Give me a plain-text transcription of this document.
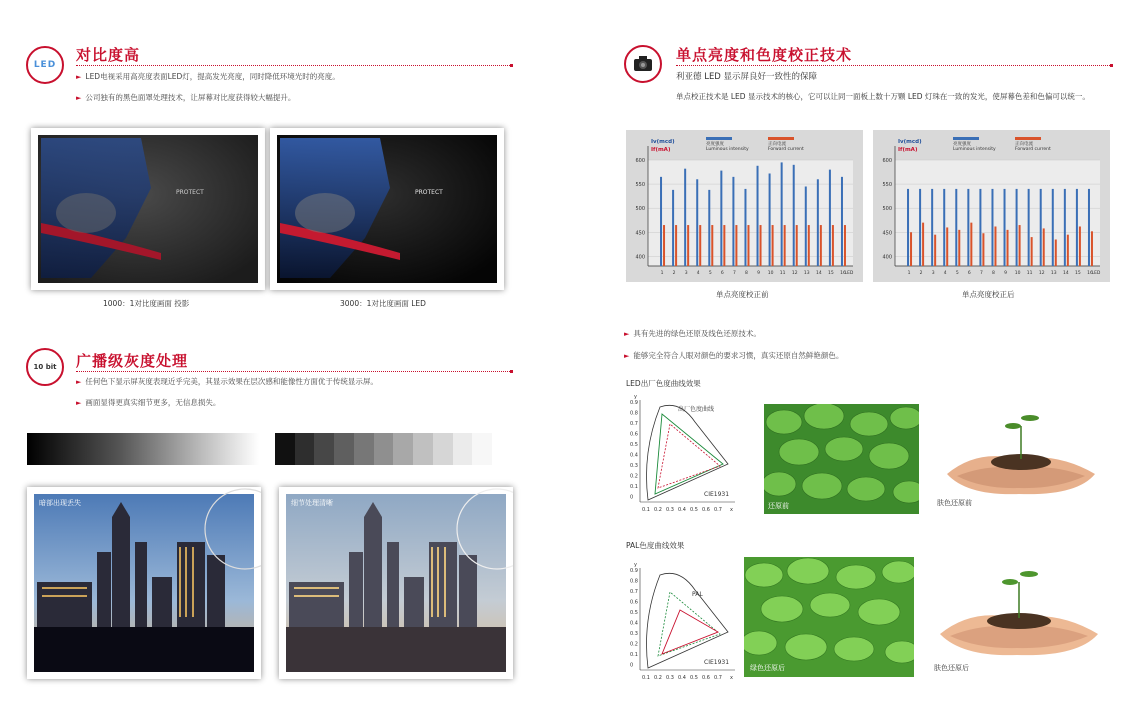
LED
对比度高
► LED电视采用高亮度表面LED灯，提高发光亮度，同时降低环境光时的亮度。
► 公司独有的黑色面罩处理技术，让屏幕对比度获得较大幅提升。
PROTECT	PROTECT
1000：1对比度画面 投影	3000：1对比度画面 LED
10 bit 广播级灰度处理
► 任何色下显示屏灰度表现近乎完美，其显示效果在层次感和能像性方面优于传统显示屏。
► 画面显得更真实细节更多，无信息损失。
暗部出现丢失	细节处理清晰
单点亮度和色度校正技术
利亚德 LED 显示屏良好一致性的保障
单点校正技术是 LED 显示技术的核心，它可以让同一面板上数十万颗 LED 灯珠在一致的发光，使屏幕色差和色偏可以统一。
400
450
500
550
600
Iv(mcd)
If(mA)
亮度强度
Luminous intensity
正向电流
Forward current
1 2 3 4 5 6 7 8 9 10 11 12 13 14 15 16
LED
400
450
500
550
600
Iv(mcd)
If(mA)
亮度强度
Luminous intensity
正向电流
Forward current
1 2 3 4 5 6 7 8 9 10 11 12 13 14 15 16
LED
单点亮度校正前	单点亮度校正后
► 具有先进的绿色还原及线色还原技术。
► 能够完全符合人眼对颜色的要求习惯，真实还原自然鲜艳颜色。
LED出厂色度曲线效果
出厂色度曲线
CIE1931
0.9
0.8
0.7
0.6
0.5
0.4
0.3
0.2
0.1
0
y
0.1 0.2 0.3 0.4 0.5 0.6 0.7 x
PAL色度曲线效果
PAL
CIE1931
0.9
0.8
0.7
0.6
0.5
0.4
0.3
0.2
0.1
0
y
0.1 0.2 0.3 0.4 0.5 0.6 0.7 x
还原前
绿色还原后
肤色还原前
肤色还原后
